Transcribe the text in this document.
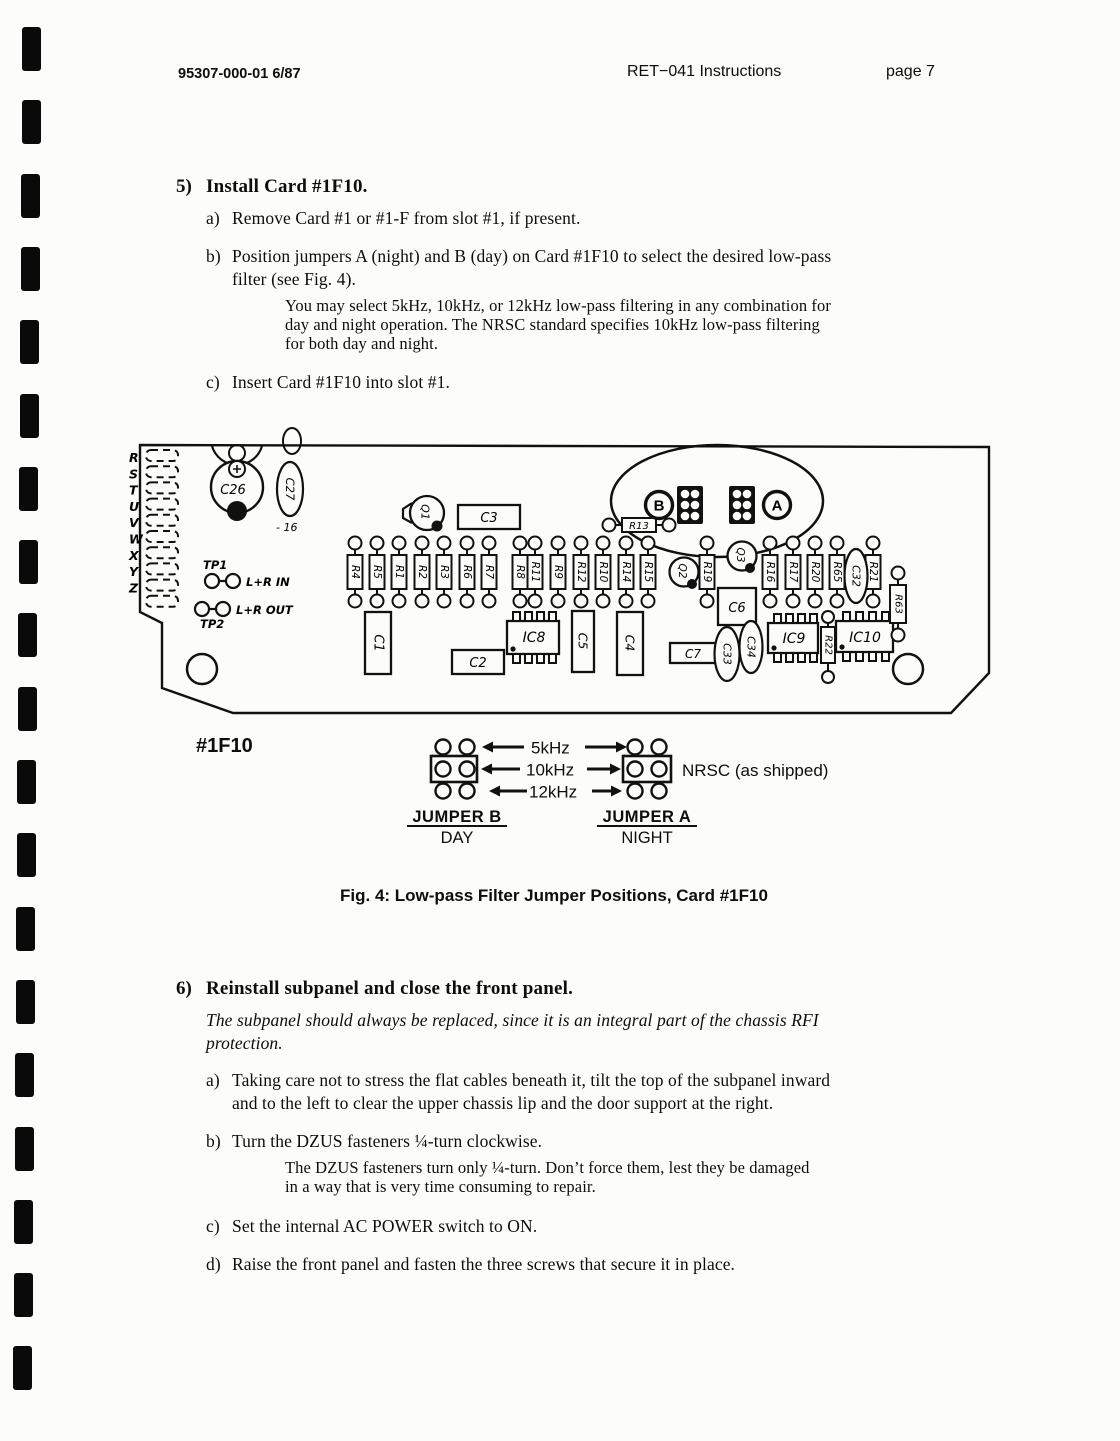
95307-000-01 6/87	RET−041 Instructions	page 7
5) Install Card #1F10.
a) Remove Card #1 or #1-F from slot #1, if present.
b) Position jumpers A (night) and B (day) on Card #1F10 to select the desired low-pass
filter (see Fig. 4).
You may select 5kHz, 10kHz, or 12kHz low-pass filtering in any combination for
day and night operation. The NRSC standard specifies 10kHz low-pass filtering
for both day and night.
c) Insert Card #1F10 into slot #1.
R
S
T
U
V
W
X
Y
Z
C26	C27
- 16
TP1
L+R IN
L+R OUT
TP2
Q1	C3
R13
B	A
R4 R5 R1 R2 R3 R6 R7 R8 R11 R9 R12 R10 R14 R15	R19	R16 R17 R20 R65 R21
Q2
Q3
C6
C1
C2
IC8 C5	C4
C7 C33 C34 IC9 R22 IC10
C32
R63
#1F10	5kHz
10kHz
12kHz
NRSC (as shipped)
JUMPER B
DAY
JUMPER A
NIGHT
Fig. 4: Low-pass Filter Jumper Positions, Card #1F10
6) Reinstall subpanel and close the front panel.
The subpanel should always be replaced, since it is an integral part of the chassis RFI
protection.
a) Taking care not to stress the flat cables beneath it, tilt the top of the subpanel inward
and to the left to clear the upper chassis lip and the door support at the right.
b) Turn the DZUS fasteners ¼-turn clockwise.
The DZUS fasteners turn only ¼-turn. Don’t force them, lest they be damaged
in a way that is very time consuming to repair.
c) Set the internal AC POWER switch to ON.
d) Raise the front panel and fasten the three screws that secure it in place.
